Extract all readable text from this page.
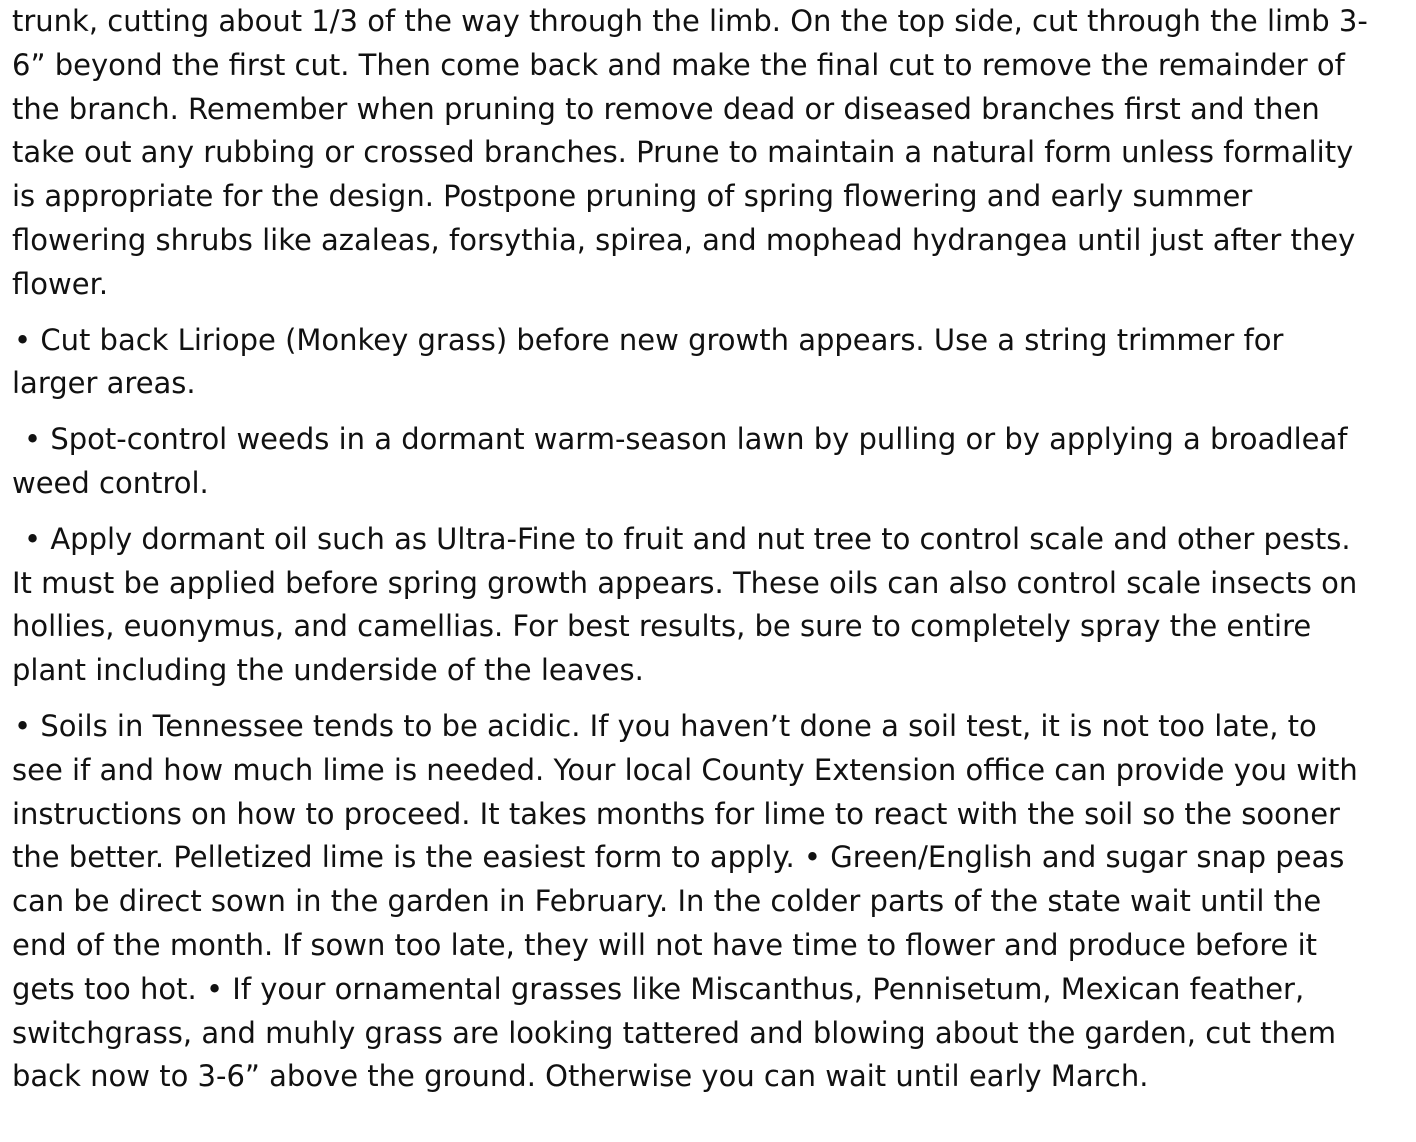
trunk, cutting about 1/3 of the way through the limb. On the top side, cut through the limb 3-6” beyond the first cut. Then come back and make the final cut to remove the remainder of the branch. Remember when pruning to remove dead or diseased branches first and then take out any rubbing or crossed branches. Prune to maintain a natural form unless formality is appropriate for the design. Postpone pruning of spring flowering and early summer flowering shrubs like azaleas, forsythia, spirea, and mophead hydrangea until just after they flower.

• Cut back Liriope (Monkey grass) before new growth appears. Use a string trimmer for larger areas.

• Spot-control weeds in a dormant warm-season lawn by pulling or by applying a broadleaf weed control.

• Apply dormant oil such as Ultra-Fine to fruit and nut tree to control scale and other pests. It must be applied before spring growth appears. These oils can also control scale insects on hollies, euonymus, and camellias. For best results, be sure to completely spray the entire plant including the underside of the leaves.

• Soils in Tennessee tends to be acidic. If you haven’t done a soil test, it is not too late, to see if and how much lime is needed. Your local County Extension office can provide you with instructions on how to proceed. It takes months for lime to react with the soil so the sooner the better. Pelletized lime is the easiest form to apply. • Green/English and sugar snap peas can be direct sown in the garden in February. In the colder parts of the state wait until the end of the month. If sown too late, they will not have time to flower and produce before it gets too hot. • If your ornamental grasses like Miscanthus, Pennisetum, Mexican feather, switchgrass, and muhly grass are looking tattered and blowing about the garden, cut them back now to 3-6” above the ground. Otherwise you can wait until early March.
